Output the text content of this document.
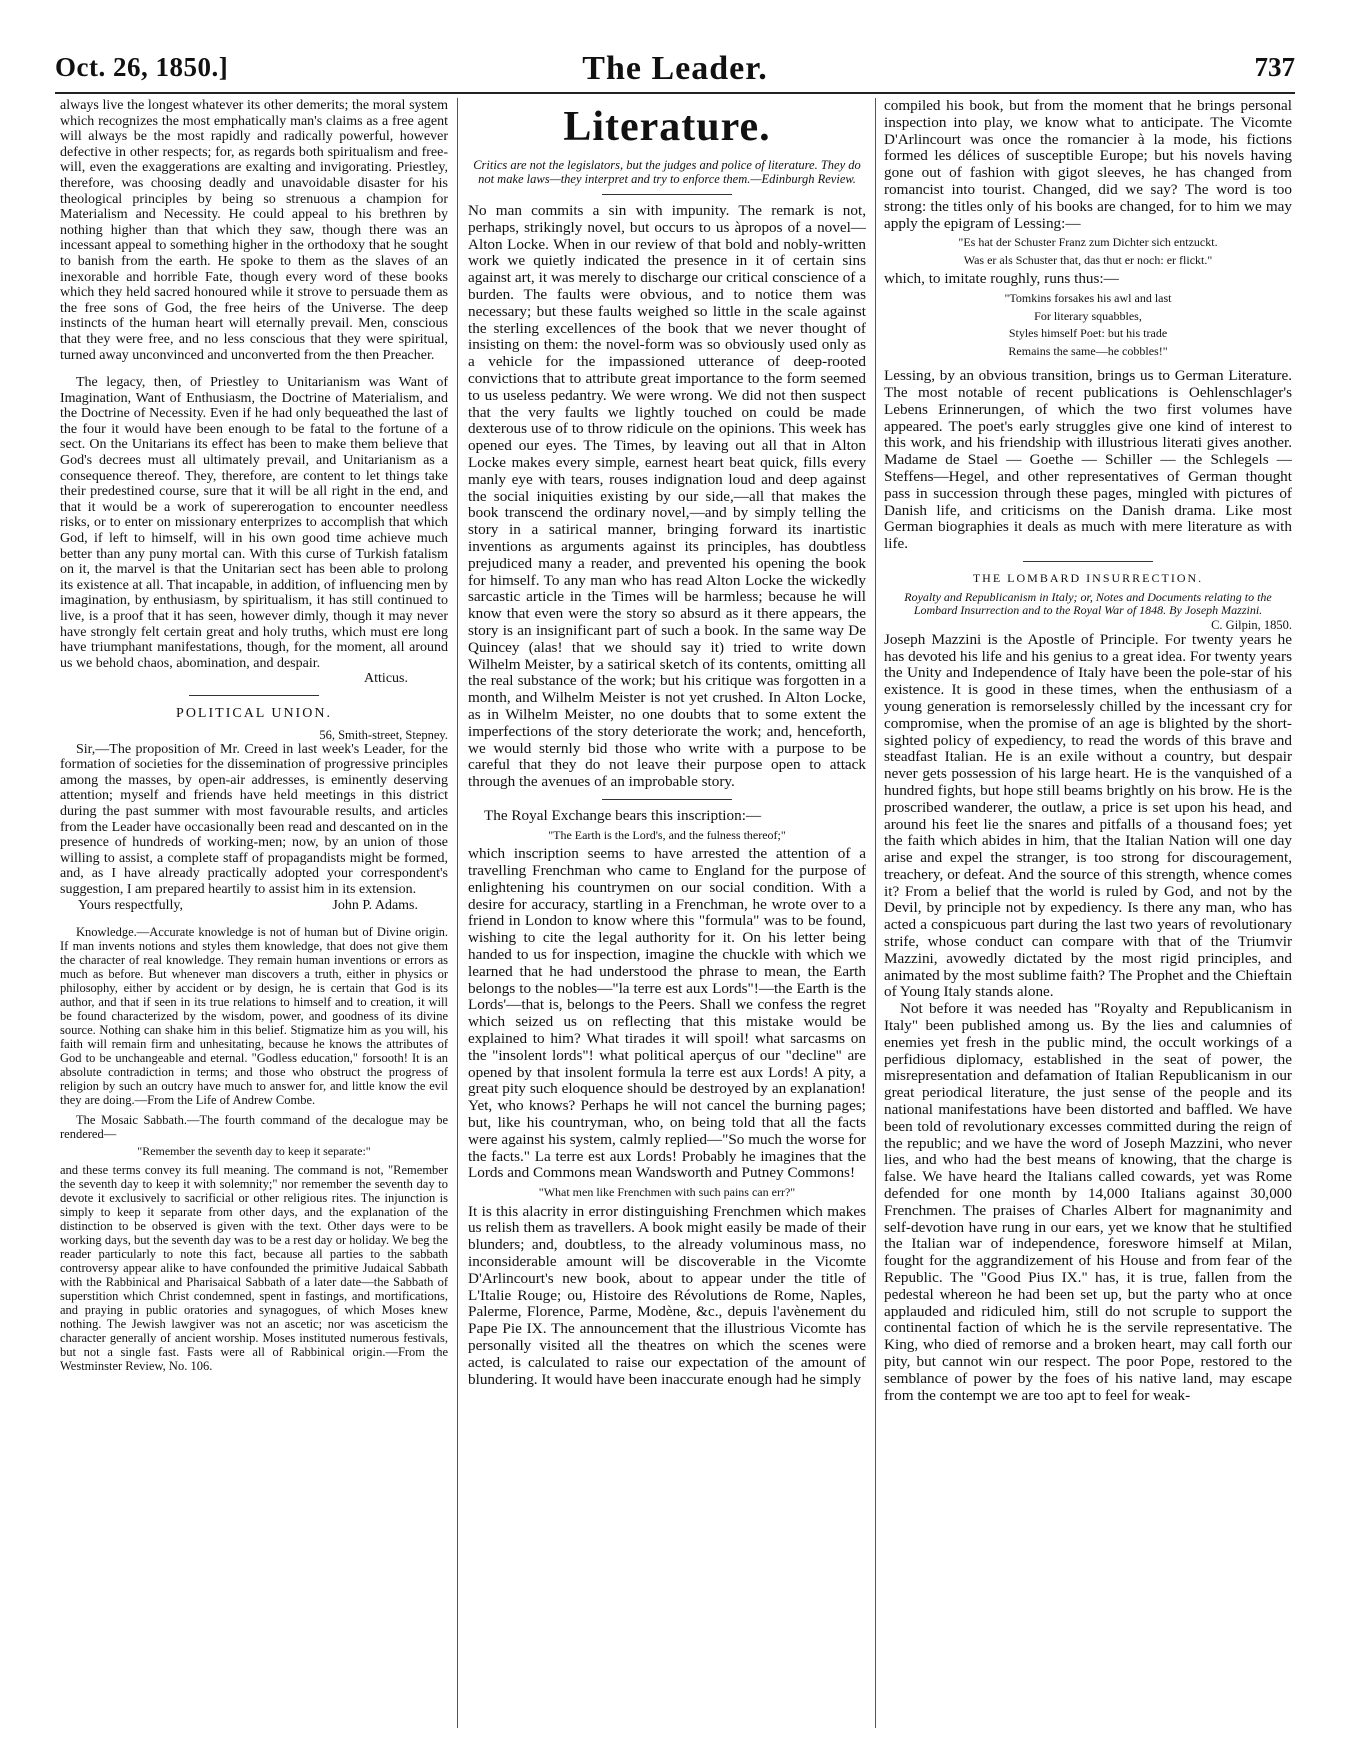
Oct. 26, 1850.]	The Leader.	737

always live the longest whatever its other demerits; the moral system which recognizes the most emphatically man's claims as a free agent will always be the most rapidly and radically powerful, however defective in other respects; for, as regards both spiritualism and free-will, even the exaggerations are exalting and invigorating. Priestley, therefore, was choosing deadly and unavoidable disaster for his theological principles by being so strenuous a champion for Materialism and Necessity. He could appeal to his brethren by nothing higher than that which they saw, though there was an incessant appeal to something higher in the orthodoxy that he sought to banish from the earth. He spoke to them as the slaves of an inexorable and horrible Fate, though every word of these books which they held sacred honoured while it strove to persuade them as the free sons of God, the free heirs of the Universe. The deep instincts of the human heart will eternally prevail. Men, conscious that they were free, and no less conscious that they were spiritual, turned away unconvinced and unconverted from the then Preacher.

The legacy, then, of Priestley to Unitarianism was Want of Imagination, Want of Enthusiasm, the Doctrine of Materialism, and the Doctrine of Necessity. Even if he had only bequeathed the last of the four it would have been enough to be fatal to the fortune of a sect. On the Unitarians its effect has been to make them believe that God's decrees must all ultimately prevail, and Unitarianism as a consequence thereof. They, therefore, are content to let things take their predestined course, sure that it will be all right in the end, and that it would be a work of supererogation to encounter needless risks, or to enter on missionary enterprizes to accomplish that which God, if left to himself, will in his own good time achieve much better than any puny mortal can. With this curse of Turkish fatalism on it, the marvel is that the Unitarian sect has been able to prolong its existence at all. That incapable, in addition, of influencing men by imagination, by enthusiasm, by spiritualism, it has still continued to live, is a proof that it has seen, however dimly, though it may never have strongly felt certain great and holy truths, which must ere long have triumphant manifestations, though, for the moment, all around us we behold chaos, abomination, and despair.

Atticus.
POLITICAL UNION.
56, Smith-street, Stepney.

Sir,—The proposition of Mr. Creed in last week's Leader, for the formation of societies for the dissemination of progressive principles among the masses, by open-air addresses, is eminently deserving attention; myself and friends have held meetings in this district during the past summer with most favourable results, and articles from the Leader have occasionally been read and descanted on in the presence of hundreds of working-men; now, by an union of those willing to assist, a complete staff of propagandists might be formed, and, as I have already practically adopted your correspondent's suggestion, I am prepared heartily to assist him in its extension.

Yours respectfully,	John P. Adams.

Knowledge.—Accurate knowledge is not of human but of Divine origin. If man invents notions and styles them knowledge, that does not give them the character of real knowledge. They remain human inventions or errors as much as before. But whenever man discovers a truth, either in physics or philosophy, either by accident or by design, he is certain that God is its author, and that if seen in its true relations to himself and to creation, it will be found characterized by the wisdom, power, and goodness of its divine source. Nothing can shake him in this belief. Stigmatize him as you will, his faith will remain firm and unhesitating, because he knows the attributes of God to be unchangeable and eternal. "Godless education," forsooth! It is an absolute contradiction in terms; and those who obstruct the progress of religion by such an outcry have much to answer for, and little know the evil they are doing.—From the Life of Andrew Combe.

The Mosaic Sabbath.—The fourth command of the decalogue may be rendered—

"Remember the seventh day to keep it separate:"

and these terms convey its full meaning. The command is not, "Remember the seventh day to keep it with solemnity;" nor remember the seventh day to devote it exclusively to sacrificial or other religious rites. The injunction is simply to keep it separate from other days, and the explanation of the distinction to be observed is given with the text. Other days were to be working days, but the seventh day was to be a rest day or holiday. We beg the reader particularly to note this fact, because all parties to the sabbath controversy appear alike to have confounded the primitive Judaical Sabbath with the Rabbinical and Pharisaical Sabbath of a later date—the Sabbath of superstition which Christ condemned, spent in fastings, and mortifications, and praying in public oratories and synagogues, of which Moses knew nothing. The Jewish lawgiver was not an ascetic; nor was asceticism the character generally of ancient worship. Moses instituted numerous festivals, but not a single fast. Fasts were all of Rabbinical origin.—From the Westminster Review, No. 106.

Literature.
Critics are not the legislators, but the judges and police of literature. They do not make laws—they interpret and try to enforce them.—Edinburgh Review.

No man commits a sin with impunity. The remark is not, perhaps, strikingly novel, but occurs to us àpropos of a novel—Alton Locke. When in our review of that bold and nobly-written work we quietly indicated the presence in it of certain sins against art, it was merely to discharge our critical conscience of a burden. The faults were obvious, and to notice them was necessary; but these faults weighed so little in the scale against the sterling excellences of the book that we never thought of insisting on them: the novel-form was so obviously used only as a vehicle for the impassioned utterance of deep-rooted convictions that to attribute great importance to the form seemed to us useless pedantry. We were wrong. We did not then suspect that the very faults we lightly touched on could be made dexterous use of to throw ridicule on the opinions. This week has opened our eyes. The Times, by leaving out all that in Alton Locke makes every simple, earnest heart beat quick, fills every manly eye with tears, rouses indignation loud and deep against the social iniquities existing by our side,—all that makes the book transcend the ordinary novel,—and by simply telling the story in a satirical manner, bringing forward its inartistic inventions as arguments against its principles, has doubtless prejudiced many a reader, and prevented his opening the book for himself. To any man who has read Alton Locke the wickedly sarcastic article in the Times will be harmless; because he will know that even were the story so absurd as it there appears, the story is an insignificant part of such a book. In the same way De Quincey (alas! that we should say it) tried to write down Wilhelm Meister, by a satirical sketch of its contents, omitting all the real substance of the work; but his critique was forgotten in a month, and Wilhelm Meister is not yet crushed. In Alton Locke, as in Wilhelm Meister, no one doubts that to some extent the imperfections of the story deteriorate the work; and, henceforth, we would sternly bid those who write with a purpose to be careful that they do not leave their purpose open to attack through the avenues of an improbable story.

The Royal Exchange bears this inscription:—

"The Earth is the Lord's, and the fulness thereof;"

which inscription seems to have arrested the attention of a travelling Frenchman who came to England for the purpose of enlightening his countrymen on our social condition. With a desire for accuracy, startling in a Frenchman, he wrote over to a friend in London to know where this "formula" was to be found, wishing to cite the legal authority for it. On his letter being handed to us for inspection, imagine the chuckle with which we learned that he had understood the phrase to mean, the Earth belongs to the nobles—"la terre est aux Lords"!—the Earth is the Lords'—that is, belongs to the Peers. Shall we confess the regret which seized us on reflecting that this mistake would be explained to him? What tirades it will spoil! what sarcasms on the "insolent lords"! what political aperçus of our "decline" are opened by that insolent formula la terre est aux Lords! A pity, a great pity such eloquence should be destroyed by an explanation! Yet, who knows? Perhaps he will not cancel the burning pages; but, like his countryman, who, on being told that all the facts were against his system, calmly replied—"So much the worse for the facts." La terre est aux Lords! Probably he imagines that the Lords and Commons mean Wandsworth and Putney Commons!

"What men like Frenchmen with such pains can err?"

It is this alacrity in error distinguishing Frenchmen which makes us relish them as travellers. A book might easily be made of their blunders; and, doubtless, to the already voluminous mass, no inconsiderable amount will be discoverable in the Vicomte D'Arlincourt's new book, about to appear under the title of L'Italie Rouge; ou, Histoire des Révolutions de Rome, Naples, Palerme, Florence, Parme, Modène, &c., depuis l'avènement du Pape Pie IX. The announcement that the illustrious Vicomte has personally visited all the theatres on which the scenes were acted, is calculated to raise our expectation of the amount of blundering. It would have been inaccurate enough had he simply

compiled his book, but from the moment that he brings personal inspection into play, we know what to anticipate. The Vicomte D'Arlincourt was once the romancier à la mode, his fictions formed les délices of susceptible Europe; but his novels having gone out of fashion with gigot sleeves, he has changed from romancist into tourist. Changed, did we say? The word is too strong: the titles only of his books are changed, for to him we may apply the epigram of Lessing:—

"Es hat der Schuster Franz zum Dichter sich entzuckt.
Was er als Schuster that, das thut er noch: er flickt."

which, to imitate roughly, runs thus:—

"Tomkins forsakes his awl and last
For literary squabbles,
Styles himself Poet: but his trade
Remains the same—he cobbles!"

Lessing, by an obvious transition, brings us to German Literature. The most notable of recent publications is Oehlenschlager's Lebens Erinnerungen, of which the two first volumes have appeared. The poet's early struggles give one kind of interest to this work, and his friendship with illustrious literati gives another. Madame de Stael — Goethe — Schiller — the Schlegels — Steffens—Hegel, and other representatives of German thought pass in succession through these pages, mingled with pictures of Danish life, and criticisms on the Danish drama. Like most German biographies it deals as much with mere literature as with life.

THE LOMBARD INSURRECTION.
Royalty and Republicanism in Italy; or, Notes and Documents relating to the Lombard Insurrection and to the Royal War of 1848. By Joseph Mazzini.
C. Gilpin, 1850.

Joseph Mazzini is the Apostle of Principle. For twenty years he has devoted his life and his genius to a great idea. For twenty years the Unity and Independence of Italy have been the pole-star of his existence. It is good in these times, when the enthusiasm of a young generation is remorselessly chilled by the incessant cry for compromise, when the promise of an age is blighted by the short-sighted policy of expediency, to read the words of this brave and steadfast Italian. He is an exile without a country, but despair never gets possession of his large heart. He is the vanquished of a hundred fights, but hope still beams brightly on his brow. He is the proscribed wanderer, the outlaw, a price is set upon his head, and around his feet lie the snares and pitfalls of a thousand foes; yet the faith which abides in him, that the Italian Nation will one day arise and expel the stranger, is too strong for discouragement, treachery, or defeat. And the source of this strength, whence comes it? From a belief that the world is ruled by God, and not by the Devil, by principle not by expediency. Is there any man, who has acted a conspicuous part during the last two years of revolutionary strife, whose conduct can compare with that of the Triumvir Mazzini, avowedly dictated by the most rigid principles, and animated by the most sublime faith? The Prophet and the Chieftain of Young Italy stands alone.

Not before it was needed has "Royalty and Republicanism in Italy" been published among us. By the lies and calumnies of enemies yet fresh in the public mind, the occult workings of a perfidious diplomacy, established in the seat of power, the misrepresentation and defamation of Italian Republicanism in our great periodical literature, the just sense of the people and its national manifestations have been distorted and baffled. We have been told of revolutionary excesses committed during the reign of the republic; and we have the word of Joseph Mazzini, who never lies, and who had the best means of knowing, that the charge is false. We have heard the Italians called cowards, yet was Rome defended for one month by 14,000 Italians against 30,000 Frenchmen. The praises of Charles Albert for magnanimity and self-devotion have rung in our ears, yet we know that he stultified the Italian war of independence, foreswore himself at Milan, fought for the aggrandizement of his House and from fear of the Republic. The "Good Pius IX." has, it is true, fallen from the pedestal whereon he had been set up, but the party who at once applauded and ridiculed him, still do not scruple to support the continental faction of which he is the servile representative. The King, who died of remorse and a broken heart, may call forth our pity, but cannot win our respect. The poor Pope, restored to the semblance of power by the foes of his native land, may escape from the contempt we are too apt to feel for weak-
